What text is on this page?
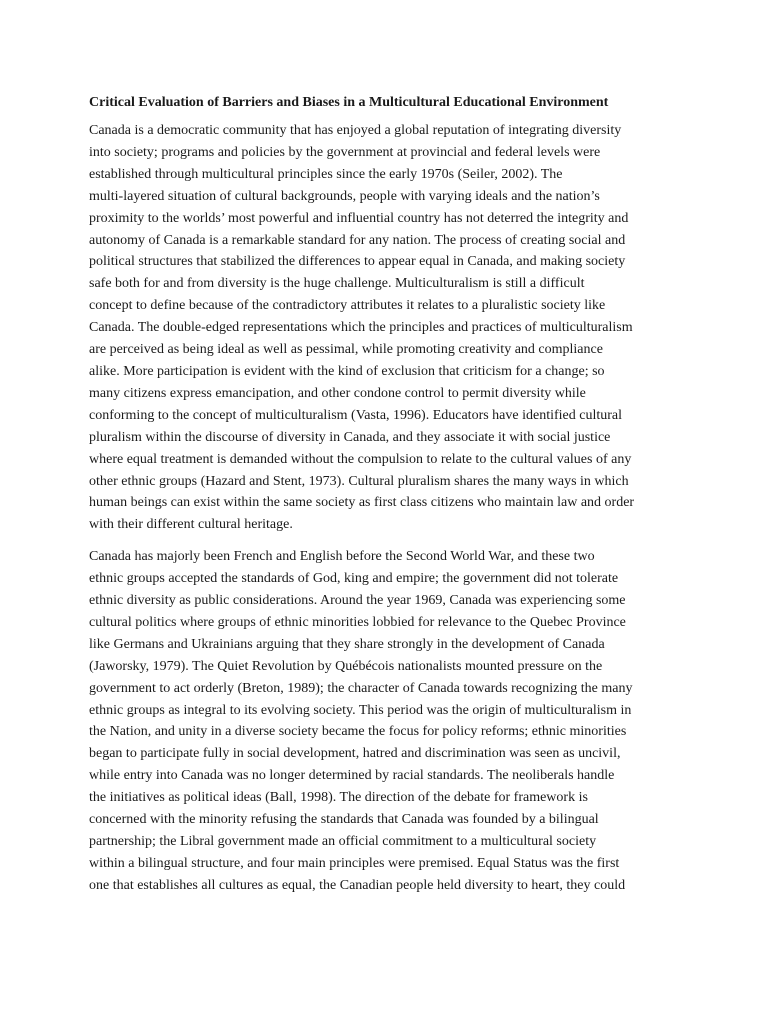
Critical Evaluation of Barriers and Biases in a Multicultural Educational Environment

Canada is a democratic community that has enjoyed a global reputation of integrating diversity
into society; programs and policies by the government at provincial and federal levels were
established through multicultural principles since the early 1970s (Seiler, 2002). The
multi-layered situation of cultural backgrounds, people with varying ideals and the nation’s
proximity to the worlds’ most powerful and influential country has not deterred the integrity and
autonomy of Canada is a remarkable standard for any nation. The process of creating social and
political structures that stabilized the differences to appear equal in Canada, and making society
safe both for and from diversity is the huge challenge. Multiculturalism is still a difficult
concept to define because of the contradictory attributes it relates to a pluralistic society like
Canada. The double-edged representations which the principles and practices of multiculturalism
are perceived as being ideal as well as pessimal, while promoting creativity and compliance
alike. More participation is evident with the kind of exclusion that criticism for a change; so
many citizens express emancipation, and other condone control to permit diversity while
conforming to the concept of multiculturalism (Vasta, 1996). Educators have identified cultural
pluralism within the discourse of diversity in Canada, and they associate it with social justice
where equal treatment is demanded without the compulsion to relate to the cultural values of any
other ethnic groups (Hazard and Stent, 1973). Cultural pluralism shares the many ways in which
human beings can exist within the same society as first class citizens who maintain law and order
with their different cultural heritage.

Canada has majorly been French and English before the Second World War, and these two
ethnic groups accepted the standards of God, king and empire; the government did not tolerate
ethnic diversity as public considerations. Around the year 1969, Canada was experiencing some
cultural politics where groups of ethnic minorities lobbied for relevance to the Quebec Province
like Germans and Ukrainians arguing that they share strongly in the development of Canada
(Jaworsky, 1979). The Quiet Revolution by Québécois nationalists mounted pressure on the
government to act orderly (Breton, 1989); the character of Canada towards recognizing the many
ethnic groups as integral to its evolving society. This period was the origin of multiculturalism in
the Nation, and unity in a diverse society became the focus for policy reforms; ethnic minorities
began to participate fully in social development, hatred and discrimination was seen as uncivil,
while entry into Canada was no longer determined by racial standards. The neoliberals handle
the initiatives as political ideas (Ball, 1998). The direction of the debate for framework is
concerned with the minority refusing the standards that Canada was founded by a bilingual
partnership; the Libral government made an official commitment to a multicultural society
within a bilingual structure, and four main principles were premised. Equal Status was the first
one that establishes all cultures as equal, the Canadian people held diversity to heart, they could
